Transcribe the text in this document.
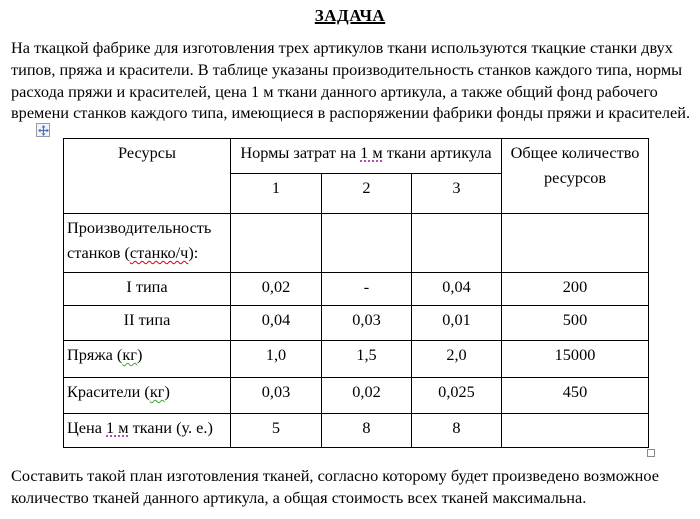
ЗАДАЧА
На ткацкой фабрике для изготовления трех артикулов ткани используются ткацкие станки двух
типов, пряжа и красители. В таблице указаны производительность станков каждого типа, нормы
расхода пряжи и красителей, цена 1 м ткани данного артикула, а также общий фонд рабочего
времени станков каждого типа, имеющиеся в распоряжении фабрики фонды пряжи и красителей.
Ресурсы	Нормы затрат на 1 м ткани артикула			Общее количество ресурсов
	1	2	3	
Производительность станков (станко/ч):				
I типа	0,02	-	0,04	200
II типа	0,04	0,03	0,01	500
Пряжа (кг)	1,0	1,5	2,0	15000
Красители (кг)	0,03	0,02	0,025	450
Цена 1 м ткани (у. е.)	5	8	8	
Составить такой план изготовления тканей, согласно которому будет произведено возможное
количество тканей данного артикула, а общая стоимость всех тканей максимальна.
